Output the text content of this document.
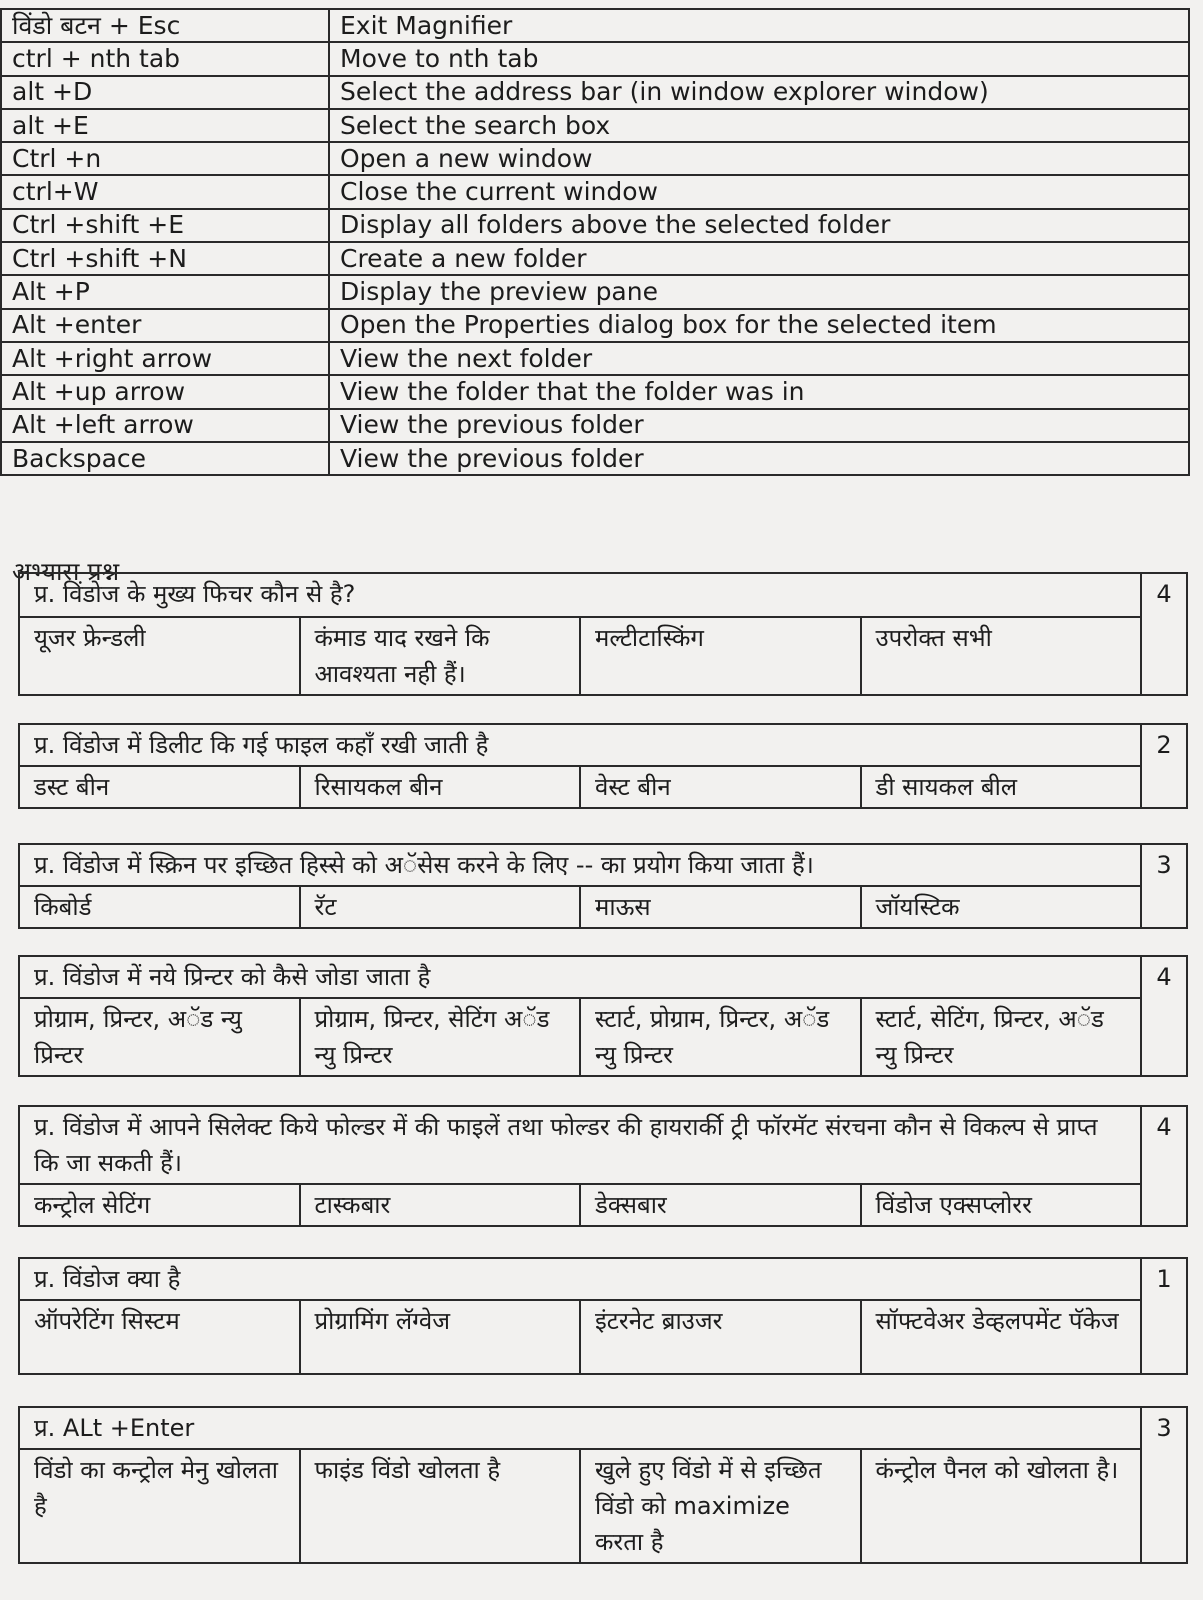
विंडो बटन + Esc	Exit Magnifier
ctrl + nth tab	Move to nth tab
alt +D	Select the address bar (in window explorer window)
alt +E	Select the search box
Ctrl +n	Open a new window
ctrl+W	Close the current window
Ctrl +shift +E	Display all folders above the selected folder
Ctrl +shift +N	Create a new folder
Alt +P	Display the preview pane
Alt +enter	Open the Properties dialog box for the selected item
Alt +right arrow	View the next folder
Alt +up arrow	View the folder that the folder was in
Alt +left arrow	View the previous folder
Backspace	View the previous folder
अभ्यास प्रश्न
प्र. विंडोज के मुख्य फिचर कौन से है?				4
यूजर फ्रेन्डली	कंमाड याद रखने कि आवश्यता नही हैं।	मल्टीटास्किंग	उपरोक्त सभी	
प्र. विंडोज में डिलीट कि गई फाइल कहाँ रखी जाती है				2
डस्ट बीन	रिसायकल बीन	वेस्ट बीन	डी सायकल बील	
प्र. विंडोज में स्क्रिन पर इच्छित हिस्से को अॅसेस करने के लिए -- का प्रयोग किया जाता हैं।				3
किबोर्ड	रॅट	माऊस	जॉयस्टिक	
प्र. विंडोज में नये प्रिन्टर को कैसे जोडा जाता है				4
प्रोग्राम, प्रिन्टर, अॅड न्यु प्रिन्टर	प्रोग्राम, प्रिन्टर, सेटिंग अॅड न्यु प्रिन्टर	स्टार्ट, प्रोग्राम, प्रिन्टर, अॅड न्यु प्रिन्टर	स्टार्ट, सेटिंग, प्रिन्टर, अॅड न्यु प्रिन्टर	
प्र. विंडोज में आपने सिलेक्ट किये फोल्डर में की फाइलें तथा फोल्डर की हायरार्की ट्री फॉरमॅट संरचना कौन से विकल्प से प्राप्त कि जा सकती हैं।				4
कन्ट्रोल सेटिंग	टास्कबार	डेक्सबार	विंडोज एक्सप्लोरर	
प्र. विंडोज क्या है				1
ऑपरेटिंग सिस्टम	प्रोग्रामिंग लॅग्वेज	इंटरनेट ब्राउजर	सॉफ्टवेअर डेव्हलपमेंट पॅकेज	
प्र. ALt +Enter				3
विंडो का कन्ट्रोल मेनु खोलता है	फाइंड विंडो खोलता है	खुले हुए विंडो में से इच्छित विंडो को maximize करता है	कंन्ट्रोल पैनल को खोलता है।	
